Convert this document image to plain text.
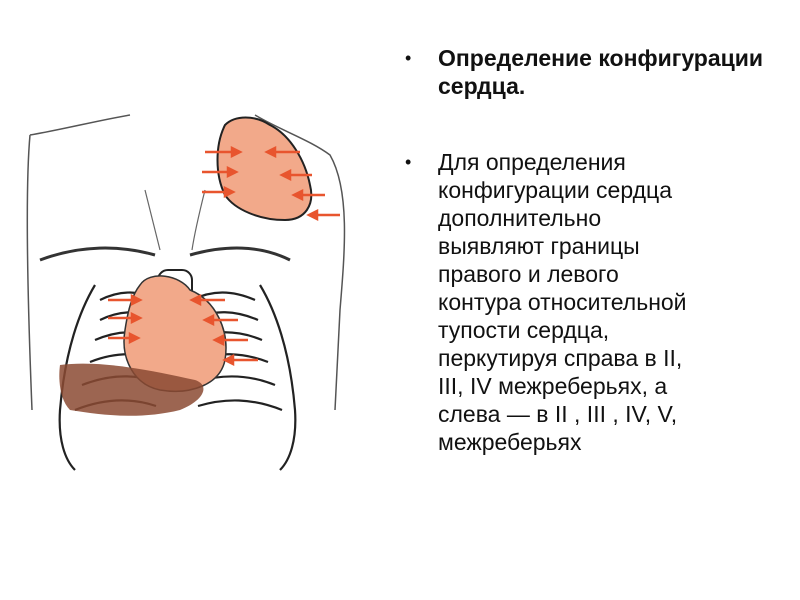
•	Определение конфигурации сердца.
•	Для определения
конфигурации сердца
дополнительно
выявляют границы
правого и левого
контура относительной
тупости сердца,
перкутируя справа в II,
III, IV межреберьях, а
слева — в II , III , IV, V,
межреберьях
